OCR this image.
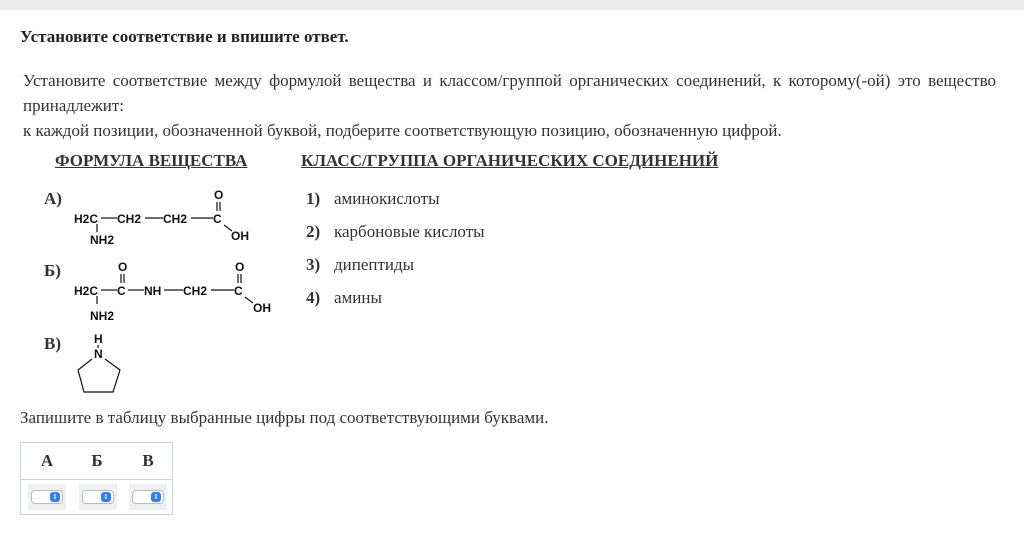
Установите соответствие и впишите ответ.
Установите соответствие между формулой вещества и классом/группой органических соединений, к которому(-ой) это вещество принадлежит:
к каждой позиции, обозначенной буквой, подберите соответствующую позицию, обозначенную цифрой.
ФОРМУЛА ВЕЩЕСТВА	КЛАСС/ГРУППА ОРГАНИЧЕСКИХ СОЕДИНЕНИЙ
А)	O
H2C CH2 CH2 C
OH
NH2
Б)	O	O
H2C C NH CH2 C
OH
NH2
В)	H
N
1) аминокислоты
2) карбоновые кислоты
3) дипептиды
4) амины
Запишите в таблицу выбранные цифры под соответствующими буквами.
А	Б	В
⇕	⇕	⇕
